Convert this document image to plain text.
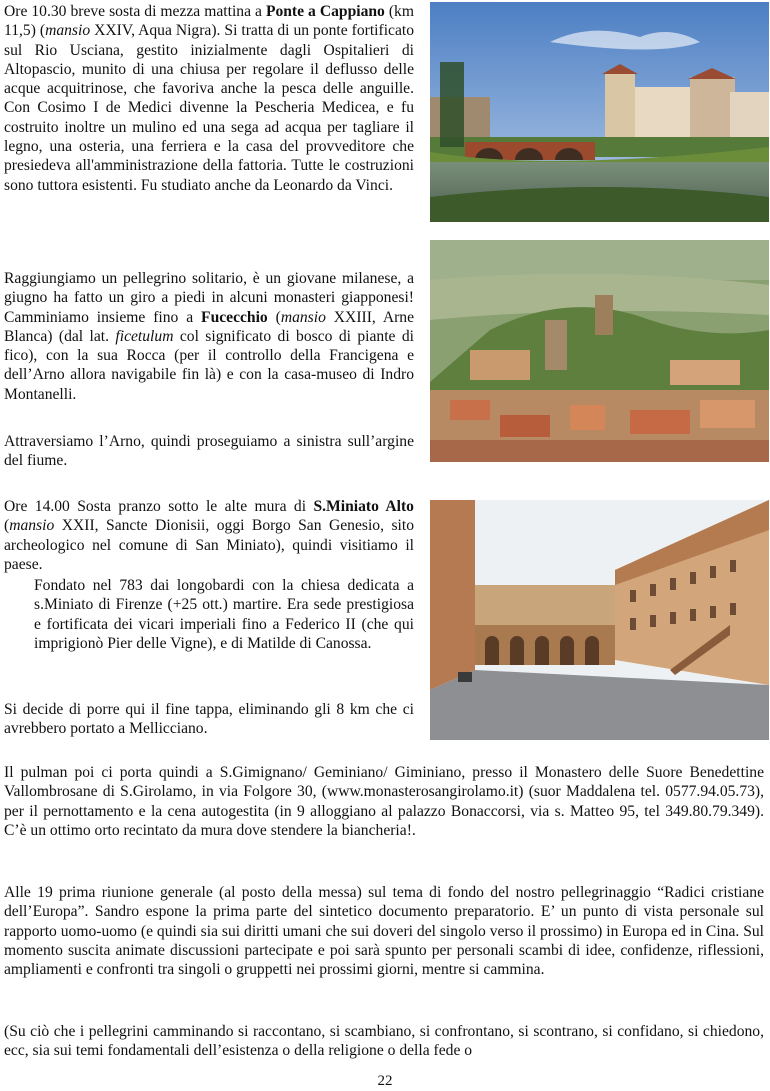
Ore 10.30 breve sosta di mezza mattina a Ponte a Cappiano (km 11,5) (mansio XXIV, Aqua Nigra). Si tratta di un ponte fortificato sul Rio Usciana, gestito inizialmente dagli Ospitalieri di Altopascio, munito di una chiusa per regolare il deflusso delle acque acquitrinose, che favoriva anche la pesca delle anguille. Con Cosimo I de Medici divenne la Pescheria Medicea, e fu costruito inoltre un mulino ed una sega ad acqua per tagliare il legno, una osteria, una ferriera e la casa del provveditore che presiedeva all'amministrazione della fattoria. Tutte le costruzioni sono tuttora esistenti. Fu studiato anche da Leonardo da Vinci.

Raggiungiamo un pellegrino solitario, è un giovane milanese, a giugno ha fatto un giro a piedi in alcuni monasteri giapponesi! Camminiamo insieme fino a Fucecchio (mansio XXIII, Arne Blanca) (dal lat. ficetulum col significato di bosco di piante di fico), con la sua Rocca (per il controllo della Francigena e dell’Arno allora navigabile fin là) e con la casa-museo di Indro Montanelli.

Attraversiamo l’Arno, quindi proseguiamo a sinistra sull’argine del fiume.

Ore 14.00 Sosta pranzo sotto le alte mura di S.Miniato Alto (mansio XXII, Sancte Dionisii, oggi Borgo San Genesio, sito archeologico nel comune di San Miniato), quindi visitiamo il paese.

Fondato nel 783 dai longobardi con la chiesa dedicata a s.Miniato di Firenze (+25 ott.) martire. Era sede prestigiosa e fortificata dei vicari imperiali fino a Federico II (che qui imprigionò Pier delle Vigne), e di Matilde di Canossa.

Si decide di porre qui il fine tappa, eliminando gli 8 km che ci avrebbero portato a Mellicciano.

Il pulman poi ci porta quindi a S.Gimignano/ Geminiano/ Giminiano, presso il Monastero delle Suore Benedettine Vallombrosane di S.Girolamo, in via Folgore 30, (www.monasterosangirolamo.it) (suor Maddalena tel. 0577.94.05.73), per il pernottamento e la cena autogestita (in 9 alloggiano al palazzo Bonaccorsi, via s. Matteo 95, tel 349.80.79.349). C’è un ottimo orto recintato da mura dove stendere la biancheria!.

Alle 19 prima riunione generale (al posto della messa) sul tema di fondo del nostro pellegrinaggio “Radici cristiane dell’Europa”. Sandro espone la prima parte del sintetico documento preparatorio. E’ un punto di vista personale sul rapporto uomo-uomo (e quindi sia sui diritti umani che sui doveri del singolo verso il prossimo) in Europa ed in Cina. Sul momento suscita animate discussioni partecipate e poi sarà spunto per personali scambi di idee, confidenze, riflessioni, ampliamenti e confronti tra singoli o gruppetti nei prossimi giorni, mentre si cammina.

(Su ciò che i pellegrini camminando si raccontano, si scambiano, si confrontano, si scontrano, si confidano, si chiedono, ecc, sia sui temi fondamentali dell’esistenza o della religione o della fede o

22
